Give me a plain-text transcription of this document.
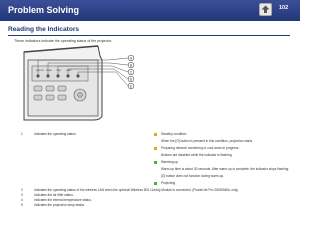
Problem Solving	102
Reading the Indicators
These indicators indicate the operating status of the projector.
STATUS	WLAN TEMP	LAMP
A
B
C
D
E
1	Indicates the operating status.	Standby condition
When the [O] button is pressed in this condition, projection starts.
Preparing network monitoring or cool-down in progress
Buttons are disabled while the indicator is flashing.
Warming up
Warm-up time is about 30 seconds. After warm-up is complete, the indicator stops flashing.
[O] button does not function during warm-up.
Projecting
2	Indicates the operating status of the wireless LAN when the optional Wireless 802.11a/b/g Module is connected. (PowerLite Pro Z8050WNL only)
3	Indicates the air filter status.
4	Indicates the internal temperature status.
5	Indicates the projection lamp status.
